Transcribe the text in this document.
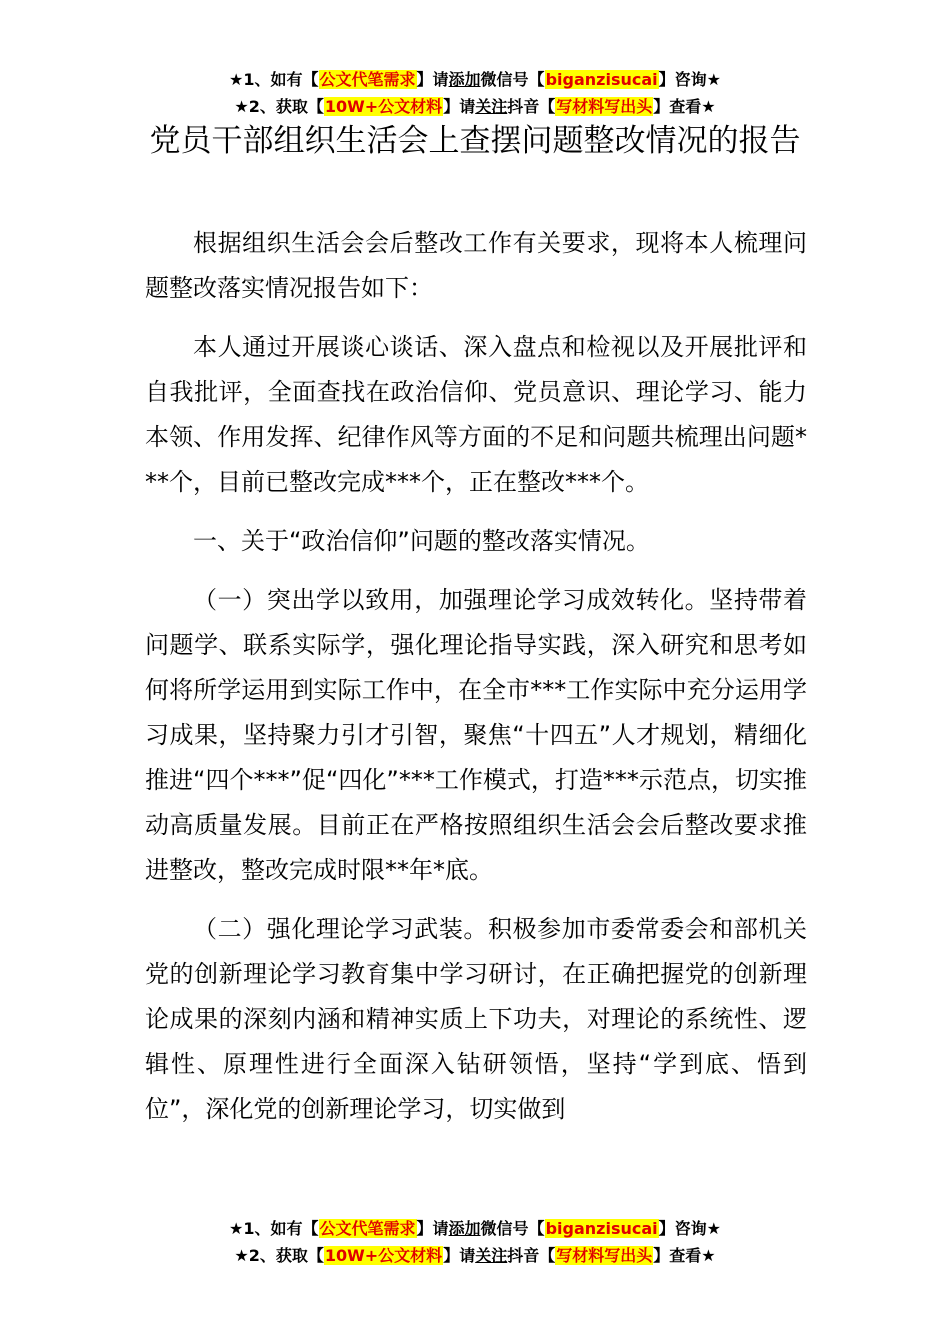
★1、如有【公文代笔需求】请添加微信号【biganzisucai】咨询★
★2、获取【10W+公文材料】请关注抖音【写材料写出头】查看★
党员干部组织生活会上查摆问题整改情况的报告

根据组织生活会会后整改工作有关要求，现将本人梳理问题整改落实情况报告如下：

本人通过开展谈心谈话、深入盘点和检视以及开展批评和自我批评，全面查找在政治信仰、党员意识、理论学习、能力本领、作用发挥、纪律作风等方面的不足和问题共梳理出问题***个，目前已整改完成***个，正在整改***个。

一、关于“政治信仰”问题的整改落实情况。

（一）突出学以致用，加强理论学习成效转化。坚持带着问题学、联系实际学，强化理论指导实践，深入研究和思考如何将所学运用到实际工作中，在全市***工作实际中充分运用学习成果，坚持聚力引才引智，聚焦“十四五”人才规划，精细化推进“四个***”促“四化”***工作模式，打造***示范点，切实推动高质量发展。目前正在严格按照组织生活会会后整改要求推进整改，整改完成时限**年*底。

（二）强化理论学习武装。积极参加市委常委会和部机关党的创新理论学习教育集中学习研讨，在正确把握党的创新理论成果的深刻内涵和精神实质上下功夫，对理论的系统性、逻辑性、原理性进行全面深入钻研领悟，坚持“学到底、悟到位”，深化党的创新理论学习，切实做到

★1、如有【公文代笔需求】请添加微信号【biganzisucai】咨询★
★2、获取【10W+公文材料】请关注抖音【写材料写出头】查看★
